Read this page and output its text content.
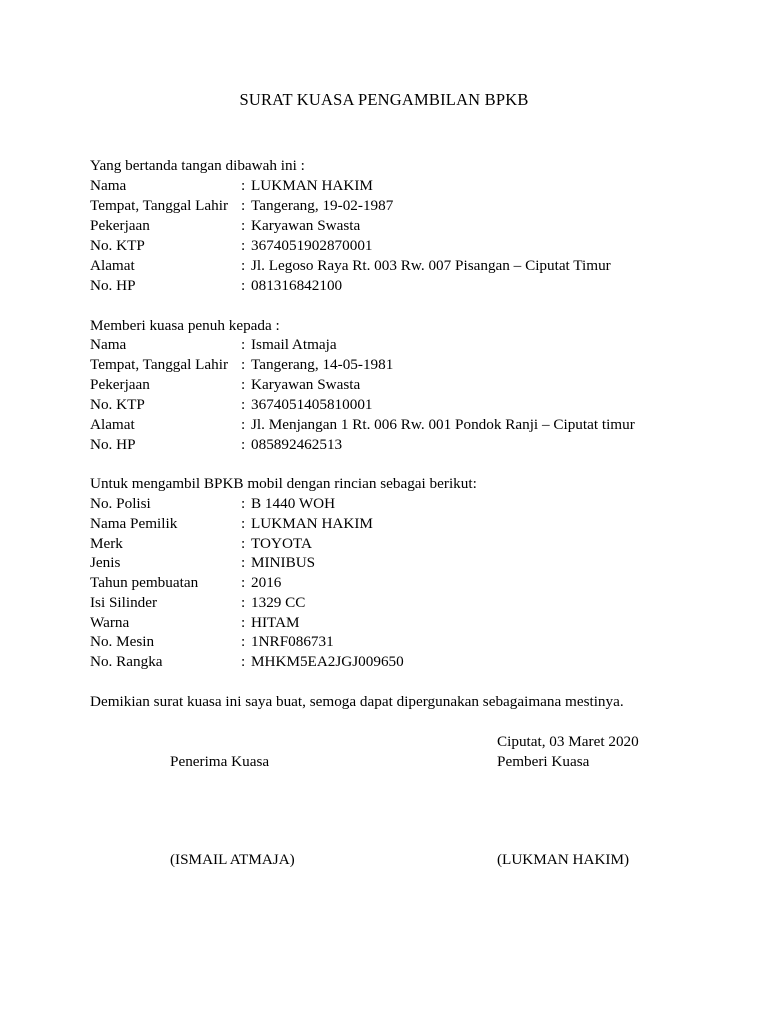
SURAT KUASA PENGAMBILAN BPKB
Yang bertanda tangan dibawah ini :
Nama	: LUKMAN HAKIM
Tempat, Tanggal Lahir : Tangerang, 19-02-1987
Pekerjaan	: Karyawan Swasta
No. KTP	: 3674051902870001
Alamat	: Jl. Legoso Raya Rt. 003 Rw. 007 Pisangan – Ciputat Timur
No. HP	: 081316842100
Memberi kuasa penuh kepada :
Nama	: Ismail Atmaja
Tempat, Tanggal Lahir : Tangerang, 14-05-1981
Pekerjaan	: Karyawan Swasta
No. KTP	: 3674051405810001
Alamat	: Jl. Menjangan 1 Rt. 006 Rw. 001 Pondok Ranji – Ciputat timur
No. HP	: 085892462513
Untuk mengambil BPKB mobil dengan rincian sebagai berikut:
No. Polisi	: B 1440 WOH
Nama Pemilik	: LUKMAN HAKIM
Merk	: TOYOTA
Jenis	: MINIBUS
Tahun pembuatan	: 2016
Isi Silinder	: 1329 CC
Warna	: HITAM
No. Mesin	: 1NRF086731
No. Rangka	: MHKM5EA2JGJ009650
Demikian surat kuasa ini saya buat, semoga dapat dipergunakan sebagaimana mestinya.
Ciputat, 03 Maret 2020
Penerima Kuasa	Pemberi Kuasa
(ISMAIL ATMAJA)	(LUKMAN HAKIM)
